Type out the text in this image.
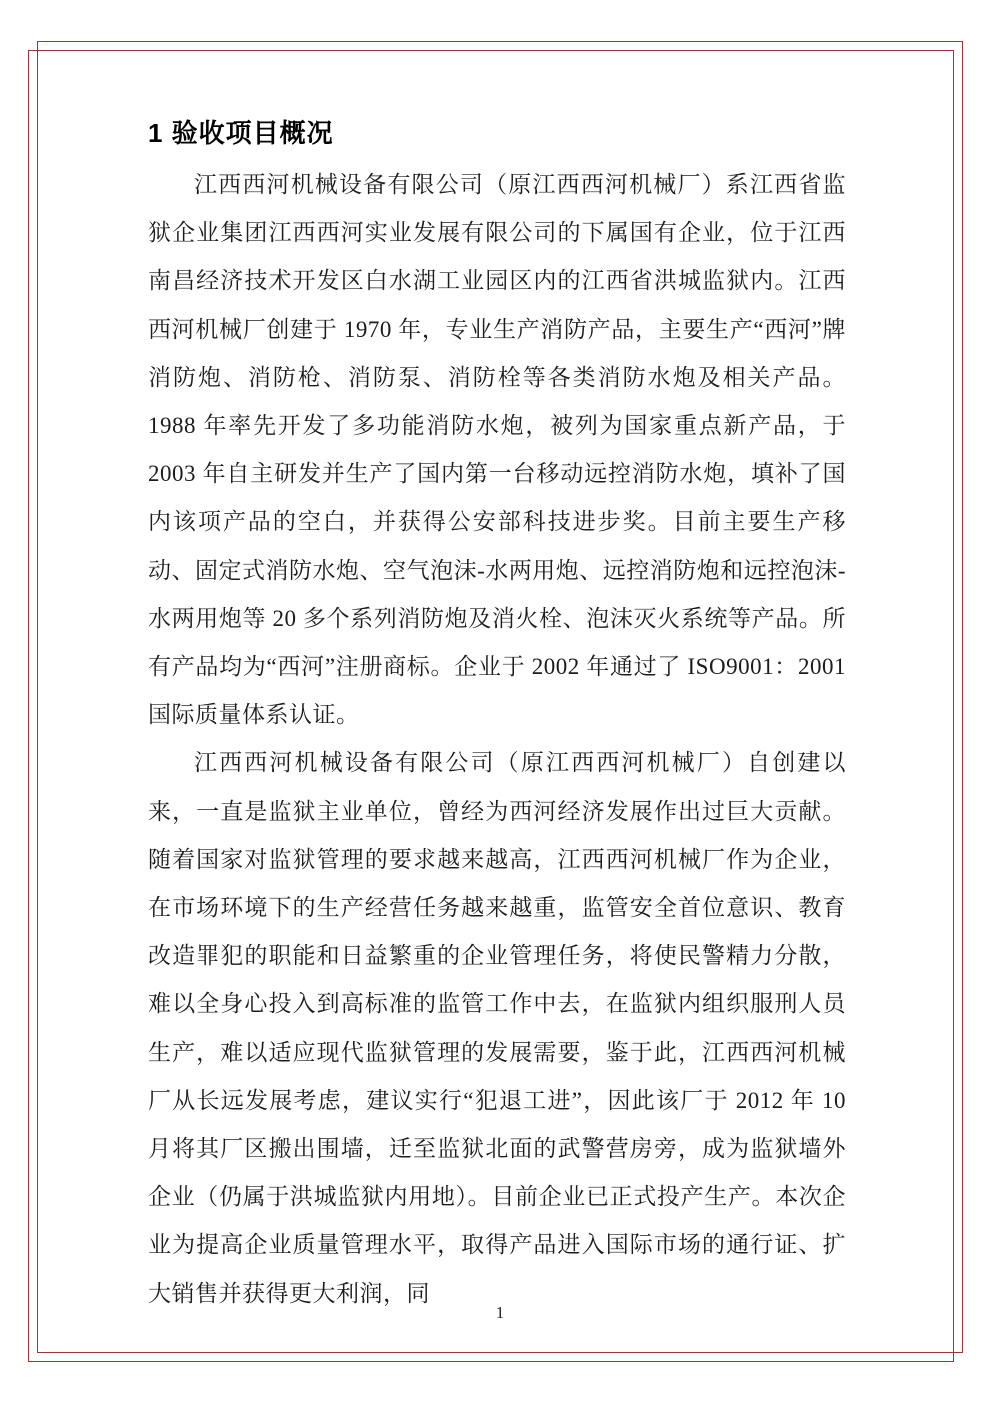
1 验收项目概况

江西西河机械设备有限公司（原江西西河机械厂）系江西省监狱企业集团江西西河实业发展有限公司的下属国有企业，位于江西南昌经济技术开发区白水湖工业园区内的江西省洪城监狱内。江西西河机械厂创建于 1970 年，专业生产消防产品，主要生产“西河”牌消防炮、消防枪、消防泵、消防栓等各类消防水炮及相关产品。1988 年率先开发了多功能消防水炮，被列为国家重点新产品，于 2003 年自主研发并生产了国内第一台移动远控消防水炮，填补了国内该项产品的空白，并获得公安部科技进步奖。目前主要生产移动、固定式消防水炮、空气泡沫-水两用炮、远控消防炮和远控泡沫-水两用炮等 20 多个系列消防炮及消火栓、泡沫灭火系统等产品。所有产品均为“西河”注册商标。企业于 2002 年通过了 ISO9001：2001 国际质量体系认证。

江西西河机械设备有限公司（原江西西河机械厂）自创建以来，一直是监狱主业单位，曾经为西河经济发展作出过巨大贡献。随着国家对监狱管理的要求越来越高，江西西河机械厂作为企业，在市场环境下的生产经营任务越来越重，监管安全首位意识、教育改造罪犯的职能和日益繁重的企业管理任务，将使民警精力分散，难以全身心投入到高标准的监管工作中去，在监狱内组织服刑人员生产，难以适应现代监狱管理的发展需要，鉴于此，江西西河机械厂从长远发展考虑，建议实行“犯退工进”，因此该厂于 2012 年 10 月将其厂区搬出围墙，迁至监狱北面的武警营房旁，成为监狱墙外企业（仍属于洪城监狱内用地）。目前企业已正式投产生产。本次企业为提高企业质量管理水平，取得产品进入国际市场的通行证、扩大销售并获得更大利润，同

1
